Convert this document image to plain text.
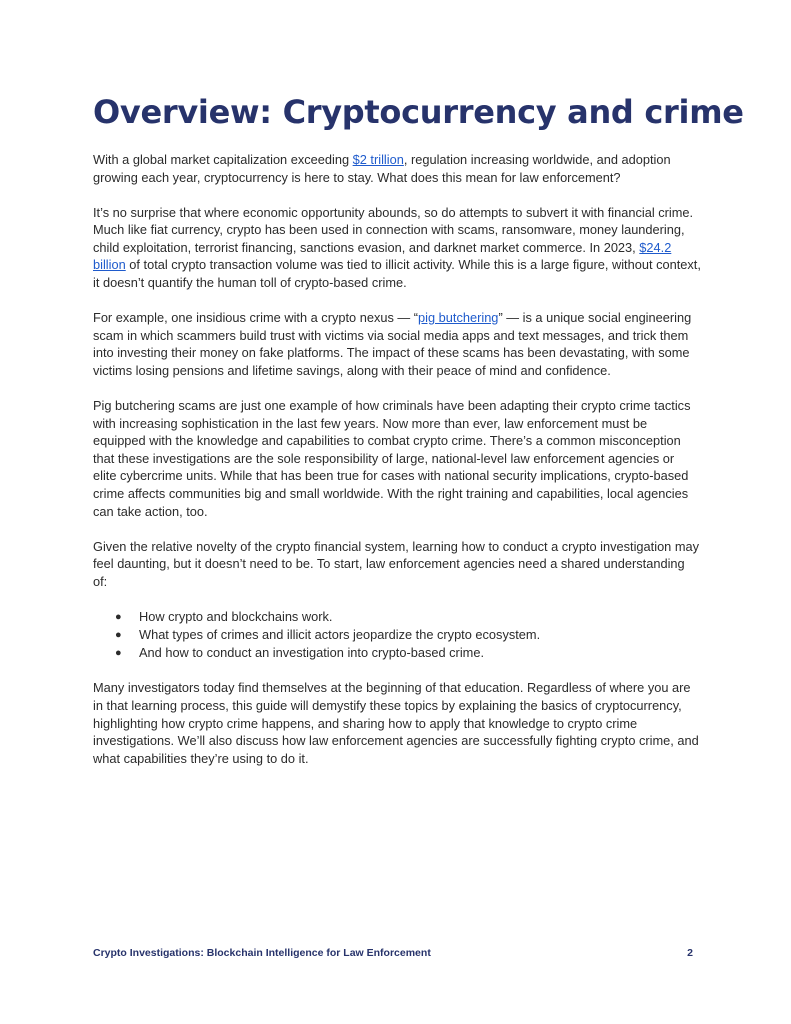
Overview: Cryptocurrency and crime

With a global market capitalization exceeding $2 trillion, regulation increasing worldwide, and adoption growing each year, cryptocurrency is here to stay. What does this mean for law enforcement?

It’s no surprise that where economic opportunity abounds, so do attempts to subvert it with financial crime. Much like fiat currency, crypto has been used in connection with scams, ransomware, money laundering, child exploitation, terrorist financing, sanctions evasion, and darknet market commerce. In 2023, $24.2 billion of total crypto transaction volume was tied to illicit activity. While this is a large figure, without context, it doesn’t quantify the human toll of crypto-based crime.

For example, one insidious crime with a crypto nexus — “pig butchering” — is a unique social engineering scam in which scammers build trust with victims via social media apps and text messages, and trick them into investing their money on fake platforms. The impact of these scams has been devastating, with some victims losing pensions and lifetime savings, along with their peace of mind and confidence.

Pig butchering scams are just one example of how criminals have been adapting their crypto crime tactics with increasing sophistication in the last few years. Now more than ever, law enforcement must be equipped with the knowledge and capabilities to combat crypto crime. There’s a common misconception that these investigations are the sole responsibility of large, national-level law enforcement agencies or elite cybercrime units. While that has been true for cases with national security implications, crypto-based crime affects communities big and small worldwide. With the right training and capabilities, local agencies can take action, too.

Given the relative novelty of the crypto financial system, learning how to conduct a crypto investigation may feel daunting, but it doesn’t need to be. To start, law enforcement agencies need a shared understanding of:

● How crypto and blockchains work.
● What types of crimes and illicit actors jeopardize the crypto ecosystem.
● And how to conduct an investigation into crypto-based crime.

Many investigators today find themselves at the beginning of that education. Regardless of where you are in that learning process, this guide will demystify these topics by explaining the basics of cryptocurrency, highlighting how crypto crime happens, and sharing how to apply that knowledge to crypto crime investigations. We’ll also discuss how law enforcement agencies are successfully fighting crypto crime, and what capabilities they’re using to do it.

Crypto Investigations: Blockchain Intelligence for Law Enforcement	2
